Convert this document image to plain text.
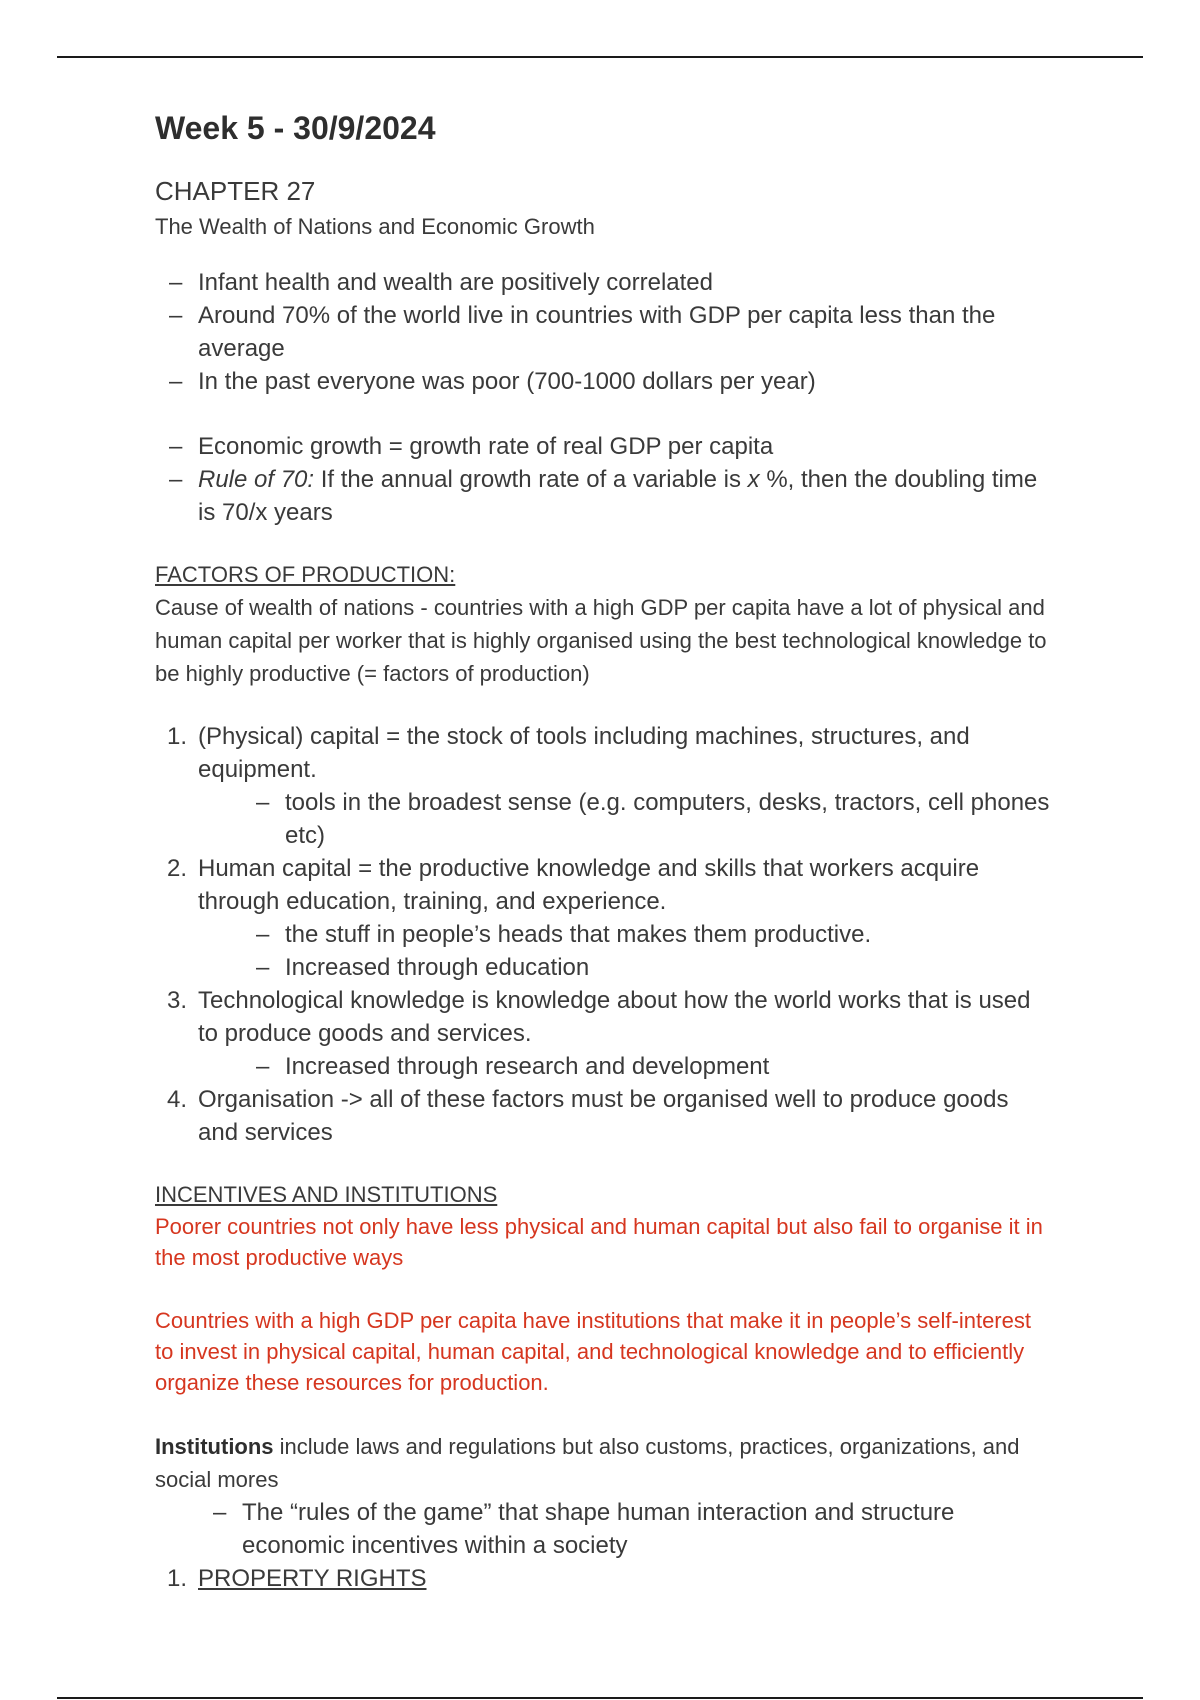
Week 5 - 30/9/2024
CHAPTER 27
The Wealth of Nations and Economic Growth
– Infant health and wealth are positively correlated
– Around 70% of the world live in countries with GDP per capita less than the average
– In the past everyone was poor (700-1000 dollars per year)
– Economic growth = growth rate of real GDP per capita
– Rule of 70: If the annual growth rate of a variable is x %, then the doubling time is 70/x years
FACTORS OF PRODUCTION:

Cause of wealth of nations - countries with a high GDP per capita have a lot of physical and human capital per worker that is highly organised using the best technological knowledge to be highly productive (= factors of production)

1. (Physical) capital = the stock of tools including machines, structures, and equipment.
– tools in the broadest sense (e.g. computers, desks, tractors, cell phones etc)
2. Human capital = the productive knowledge and skills that workers acquire through education, training, and experience.
– the stuff in people’s heads that makes them productive.
– Increased through education
3. Technological knowledge is knowledge about how the world works that is used to produce goods and services.
– Increased through research and development
4. Organisation -> all of these factors must be organised well to produce goods and services
INCENTIVES AND INSTITUTIONS

Poorer countries not only have less physical and human capital but also fail to organise it in the most productive ways

Countries with a high GDP per capita have institutions that make it in people’s self-interest to invest in physical capital, human capital, and technological knowledge and to efficiently organize these resources for production.

Institutions include laws and regulations but also customs, practices, organizations, and social mores

– The “rules of the game” that shape human interaction and structure economic incentives within a society
1. PROPERTY RIGHTS
